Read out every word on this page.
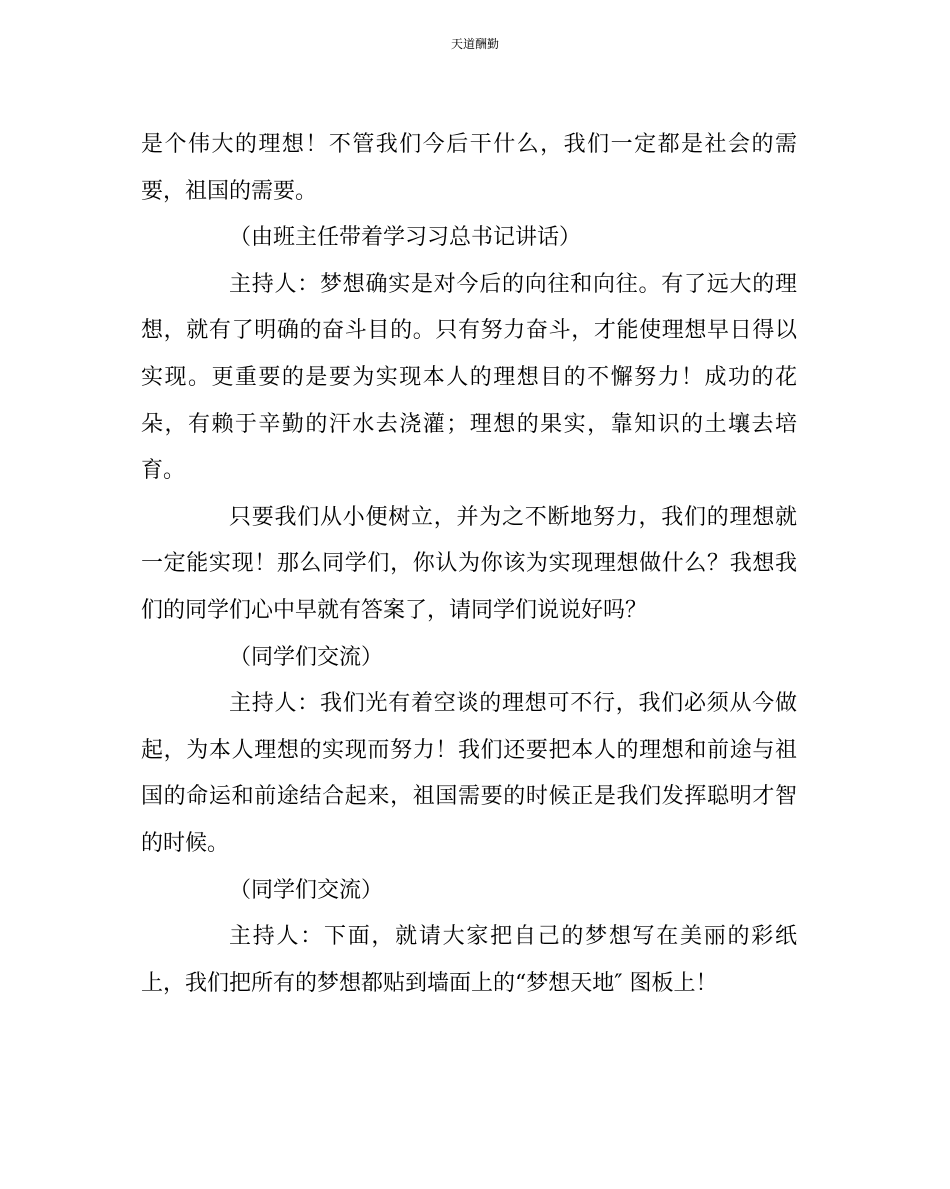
天道酬勤

是个伟大的理想！不管我们今后干什么，我们一定都是社会的需要，祖国的需要。

（由班主任带着学习习总书记讲话）

主持人：梦想确实是对今后的向往和向往。有了远大的理想，就有了明确的奋斗目的。只有努力奋斗，才能使理想早日得以实现。更重要的是要为实现本人的理想目的不懈努力！成功的花朵，有赖于辛勤的汗水去浇灌；理想的果实，靠知识的土壤去培育。

只要我们从小便树立，并为之不断地努力，我们的理想就一定能实现！那么同学们，你认为你该为实现理想做什么？我想我们的同学们心中早就有答案了，请同学们说说好吗？

（同学们交流）

主持人：我们光有着空谈的理想可不行，我们必须从今做起，为本人理想的实现而努力！我们还要把本人的理想和前途与祖国的命运和前途结合起来，祖国需要的时候正是我们发挥聪明才智的时候。

（同学们交流）

主持人：下面，就请大家把自己的梦想写在美丽的彩纸上，我们把所有的梦想都贴到墙面上的“梦想天地″ 图板上！
